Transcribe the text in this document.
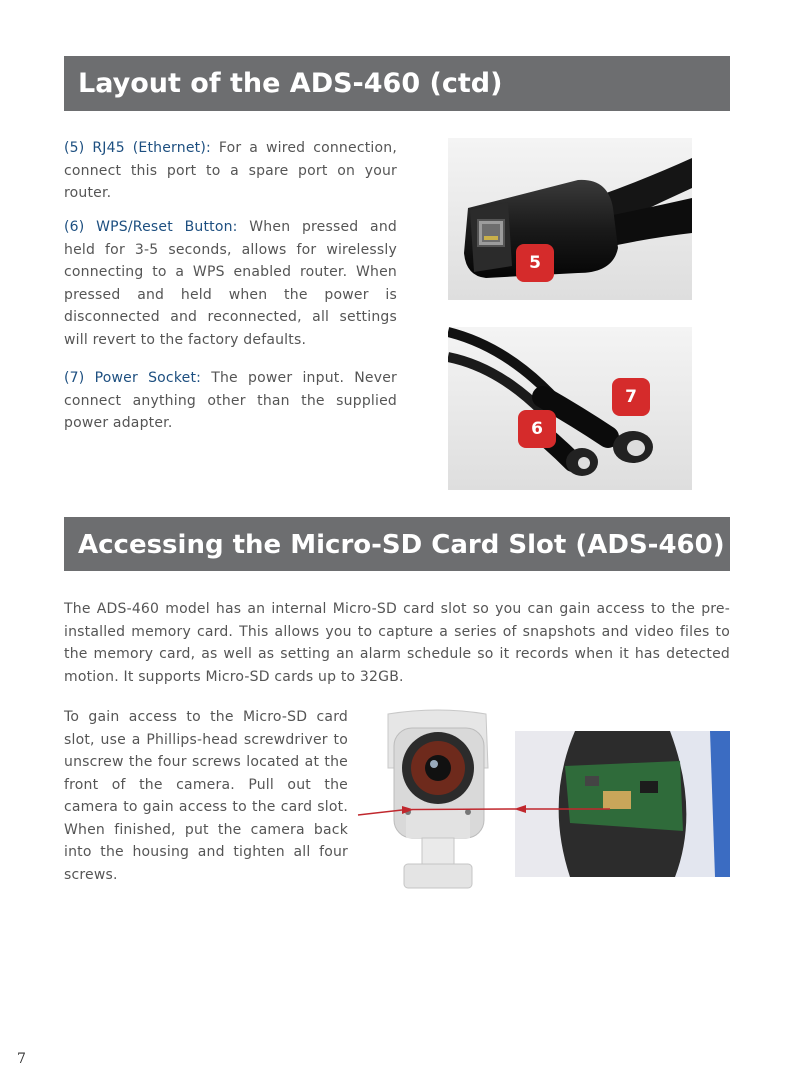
Layout of the ADS-460 (ctd)

(5) RJ45 (Ethernet): For a wired connection, connect this port to a spare port on your router.

(6) WPS/Reset Button: When pressed and held for 3-5 seconds, allows for wirelessly connecting to a WPS enabled router. When pressed and held when the power is disconnected and reconnected, all settings will revert to the factory defaults.

(7) Power Socket: The power input. Never connect anything other than the supplied power adapter.

5
7
6
Accessing the Micro-SD Card Slot (ADS-460)

The ADS-460 model has an internal Micro-SD card slot so you can gain access to the pre-installed memory card. This allows you to capture a series of snapshots and video files to the memory card, as well as setting an alarm schedule so it records when it has detected motion. It supports Micro-SD cards up to 32GB.

To gain access to the Micro-SD card slot, use a Phillips-head screwdriver to unscrew the four screws located at the front of the camera. Pull out the camera to gain access to the card slot. When finished, put the camera back into the housing and tighten all four screws.

7
